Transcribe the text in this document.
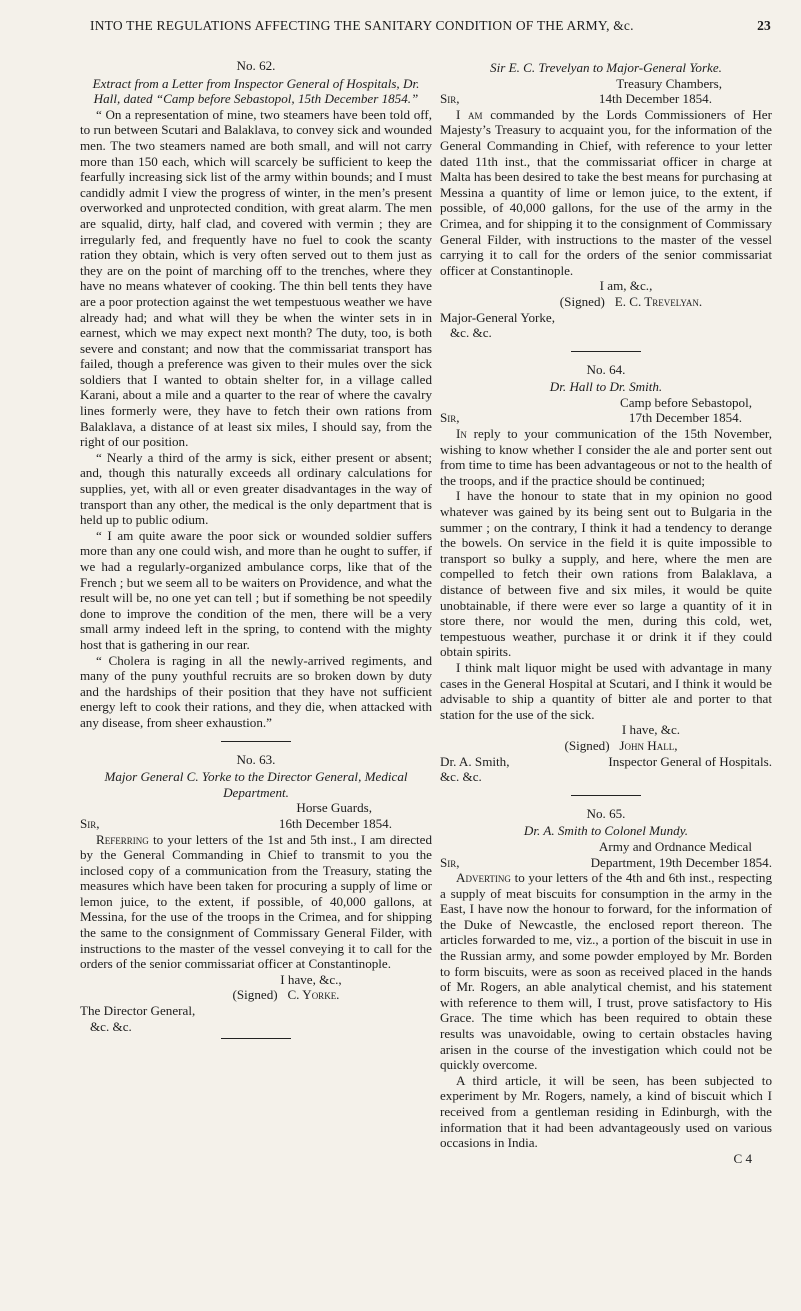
INTO THE REGULATIONS AFFECTING THE SANITARY CONDITION OF THE ARMY, &c.	23
No. 62.
Extract from a Letter from Inspector General of Hospitals, Dr. Hall, dated “Camp before Sebastopol, 15th December 1854.”

“ On a representation of mine, two steamers have been told off, to run between Scutari and Balaklava, to convey sick and wounded men. The two steamers named are both small, and will not carry more than 150 each, which will scarcely be sufficient to keep the fearfully increasing sick list of the army within bounds; and I must candidly admit I view the progress of winter, in the men’s present overworked and unprotected condition, with great alarm. The men are squalid, dirty, half clad, and covered with vermin ; they are irregularly fed, and frequently have no fuel to cook the scanty ration they obtain, which is very often served out to them just as they are on the point of marching off to the trenches, where they have no means whatever of cooking. The thin bell tents they have are a poor protection against the wet tempestuous weather we have already had; and what will they be when the winter sets in in earnest, which we may expect next month? The duty, too, is both severe and constant; and now that the commissariat transport has failed, though a preference was given to their mules over the sick soldiers that I wanted to obtain shelter for, in a village called Karani, about a mile and a quarter to the rear of where the cavalry lines formerly were, they have to fetch their own rations from Balaklava, a distance of at least six miles, I should say, from the right of our position.

“ Nearly a third of the army is sick, either present or absent; and, though this naturally exceeds all ordinary calculations for supplies, yet, with all or even greater disadvantages in the way of transport than any other, the medical is the only department that is held up to public odium.

“ I am quite aware the poor sick or wounded soldier suffers more than any one could wish, and more than he ought to suffer, if we had a regularly-organized ambulance corps, like that of the French ; but we seem all to be waiters on Providence, and what the result will be, no one yet can tell ; but if something be not speedily done to improve the condition of the men, there will be a very small army indeed left in the spring, to contend with the mighty host that is gathering in our rear.

“ Cholera is raging in all the newly-arrived regiments, and many of the puny youthful recruits are so broken down by duty and the hardships of their position that they have not sufficient energy left to cook their rations, and they die, when attacked with any disease, from sheer exhaustion.”

No. 63.
Major General C. Yorke to the Director General, Medical Department.
Horse Guards,
Sir,	16th December 1854.

Referring to your letters of the 1st and 5th inst., I am directed by the General Commanding in Chief to transmit to you the inclosed copy of a communication from the Treasury, stating the measures which have been taken for procuring a supply of lime or lemon juice, to the extent, if possible, of 40,000 gallons, at Messina, for the use of the troops in the Crimea, and for shipping the same to the consignment of Commissary General Filder, with instructions to the master of the vessel conveying it to call for the orders of the senior commissariat officer at Constantinople.

I have, &c.,
(Signed) C. Yorke.
The Director General,
&c. &c.
Sir E. C. Trevelyan to Major-General Yorke.
Treasury Chambers,
Sir,	14th December 1854.

I am commanded by the Lords Commissioners of Her Majesty’s Treasury to acquaint you, for the information of the General Commanding in Chief, with reference to your letter dated 11th inst., that the commissariat officer in charge at Malta has been desired to take the best means for purchasing at Messina a quantity of lime or lemon juice, to the extent, if possible, of 40,000 gallons, for the use of the army in the Crimea, and for shipping it to the consignment of Commissary General Filder, with instructions to the master of the vessel carrying it to call for the orders of the senior commissariat officer at Constantinople.

I am, &c.,
(Signed) E. C. Trevelyan.
Major-General Yorke,
&c. &c.
No. 64.
Dr. Hall to Dr. Smith.
Camp before Sebastopol,
Sir,	17th December 1854.

In reply to your communication of the 15th November, wishing to know whether I consider the ale and porter sent out from time to time has been advantageous or not to the health of the troops, and if the practice should be continued;

I have the honour to state that in my opinion no good whatever was gained by its being sent out to Bulgaria in the summer ; on the contrary, I think it had a tendency to derange the bowels. On service in the field it is quite impossible to transport so bulky a supply, and here, where the men are compelled to fetch their own rations from Balaklava, a distance of between five and six miles, it would be quite unobtainable, if there were ever so large a quantity of it in store there, nor would the men, during this cold, wet, tempestuous weather, purchase it or drink it if they could obtain spirits.

I think malt liquor might be used with advantage in many cases in the General Hospital at Scutari, and I think it would be advisable to ship a quantity of bitter ale and porter to that station for the use of the sick.

I have, &c.
(Signed) John Hall,
Dr. A. Smith,	Inspector General of Hospitals.
&c. &c.
No. 65.
Dr. A. Smith to Colonel Mundy.
Army and Ordnance Medical
Sir,	Department, 19th December 1854.

Adverting to your letters of the 4th and 6th inst., respecting a supply of meat biscuits for consumption in the army in the East, I have now the honour to forward, for the information of the Duke of Newcastle, the enclosed report thereon. The articles forwarded to me, viz., a portion of the biscuit in use in the Russian army, and some powder employed by Mr. Borden to form biscuits, were as soon as received placed in the hands of Mr. Rogers, an able analytical chemist, and his statement with reference to them will, I trust, prove satisfactory to His Grace. The time which has been required to obtain these results was unavoidable, owing to certain obstacles having arisen in the course of the investigation which could not be quickly overcome.

A third article, it will be seen, has been subjected to experiment by Mr. Rogers, namely, a kind of biscuit which I received from a gentleman residing in Edinburgh, with the information that it had been advantageously used on various occasions in India.

C 4
